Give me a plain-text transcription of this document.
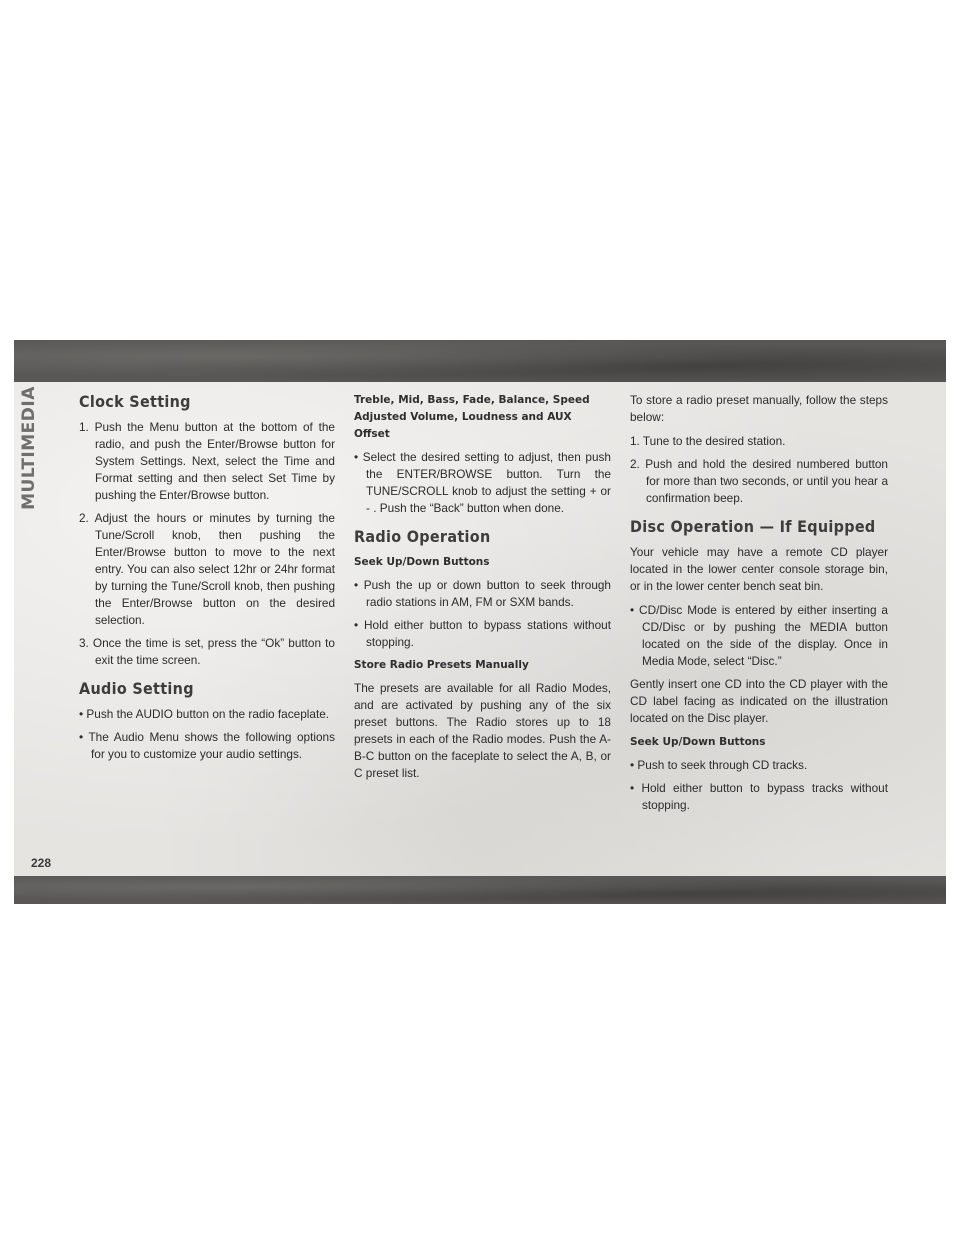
MULTIMEDIA	Clock Setting
1. Push the Menu button at the bottom of the radio, and push the Enter/Browse button for System Settings. Next, select the Time and Format setting and then select Set Time by pushing the Enter/Browse button.
2. Adjust the hours or minutes by turning the Tune/Scroll knob, then pushing the Enter/Browse button to move to the next entry. You can also select 12hr or 24hr format by turning the Tune/Scroll knob, then pushing the Enter/Browse button on the desired selection.
3. Once the time is set, press the “Ok” button to exit the time screen.
Audio Setting
• Push the AUDIO button on the radio faceplate.
• The Audio Menu shows the following options for you to customize your audio settings.
Treble, Mid, Bass, Fade, Balance, Speed Adjusted Volume, Loudness and AUX Offset
• Select the desired setting to adjust, then push the ENTER/BROWSE button. Turn the TUNE/SCROLL knob to adjust the setting + or - . Push the “Back” button when done.
Radio Operation
Seek Up/Down Buttons
• Push the up or down button to seek through radio stations in AM, FM or SXM bands.
• Hold either button to bypass stations without stopping.
Store Radio Presets Manually

The presets are available for all Radio Modes, and are activated by pushing any of the six preset buttons. The Radio stores up to 18 presets in each of the Radio modes. Push the A-B-C button on the faceplate to select the A, B, or C preset list.

To store a radio preset manually, follow the steps below:

1. Tune to the desired station.
2. Push and hold the desired numbered button for more than two seconds, or until you hear a confirmation beep.
Disc Operation — If Equipped

Your vehicle may have a remote CD player located in the lower center console storage bin, or in the lower center bench seat bin.

• CD/Disc Mode is entered by either inserting a CD/Disc or by pushing the MEDIA button located on the side of the display. Once in Media Mode, select “Disc.”

Gently insert one CD into the CD player with the CD label facing as indicated on the illustration located on the Disc player.

Seek Up/Down Buttons
• Push to seek through CD tracks.
• Hold either button to bypass tracks without stopping.
228
